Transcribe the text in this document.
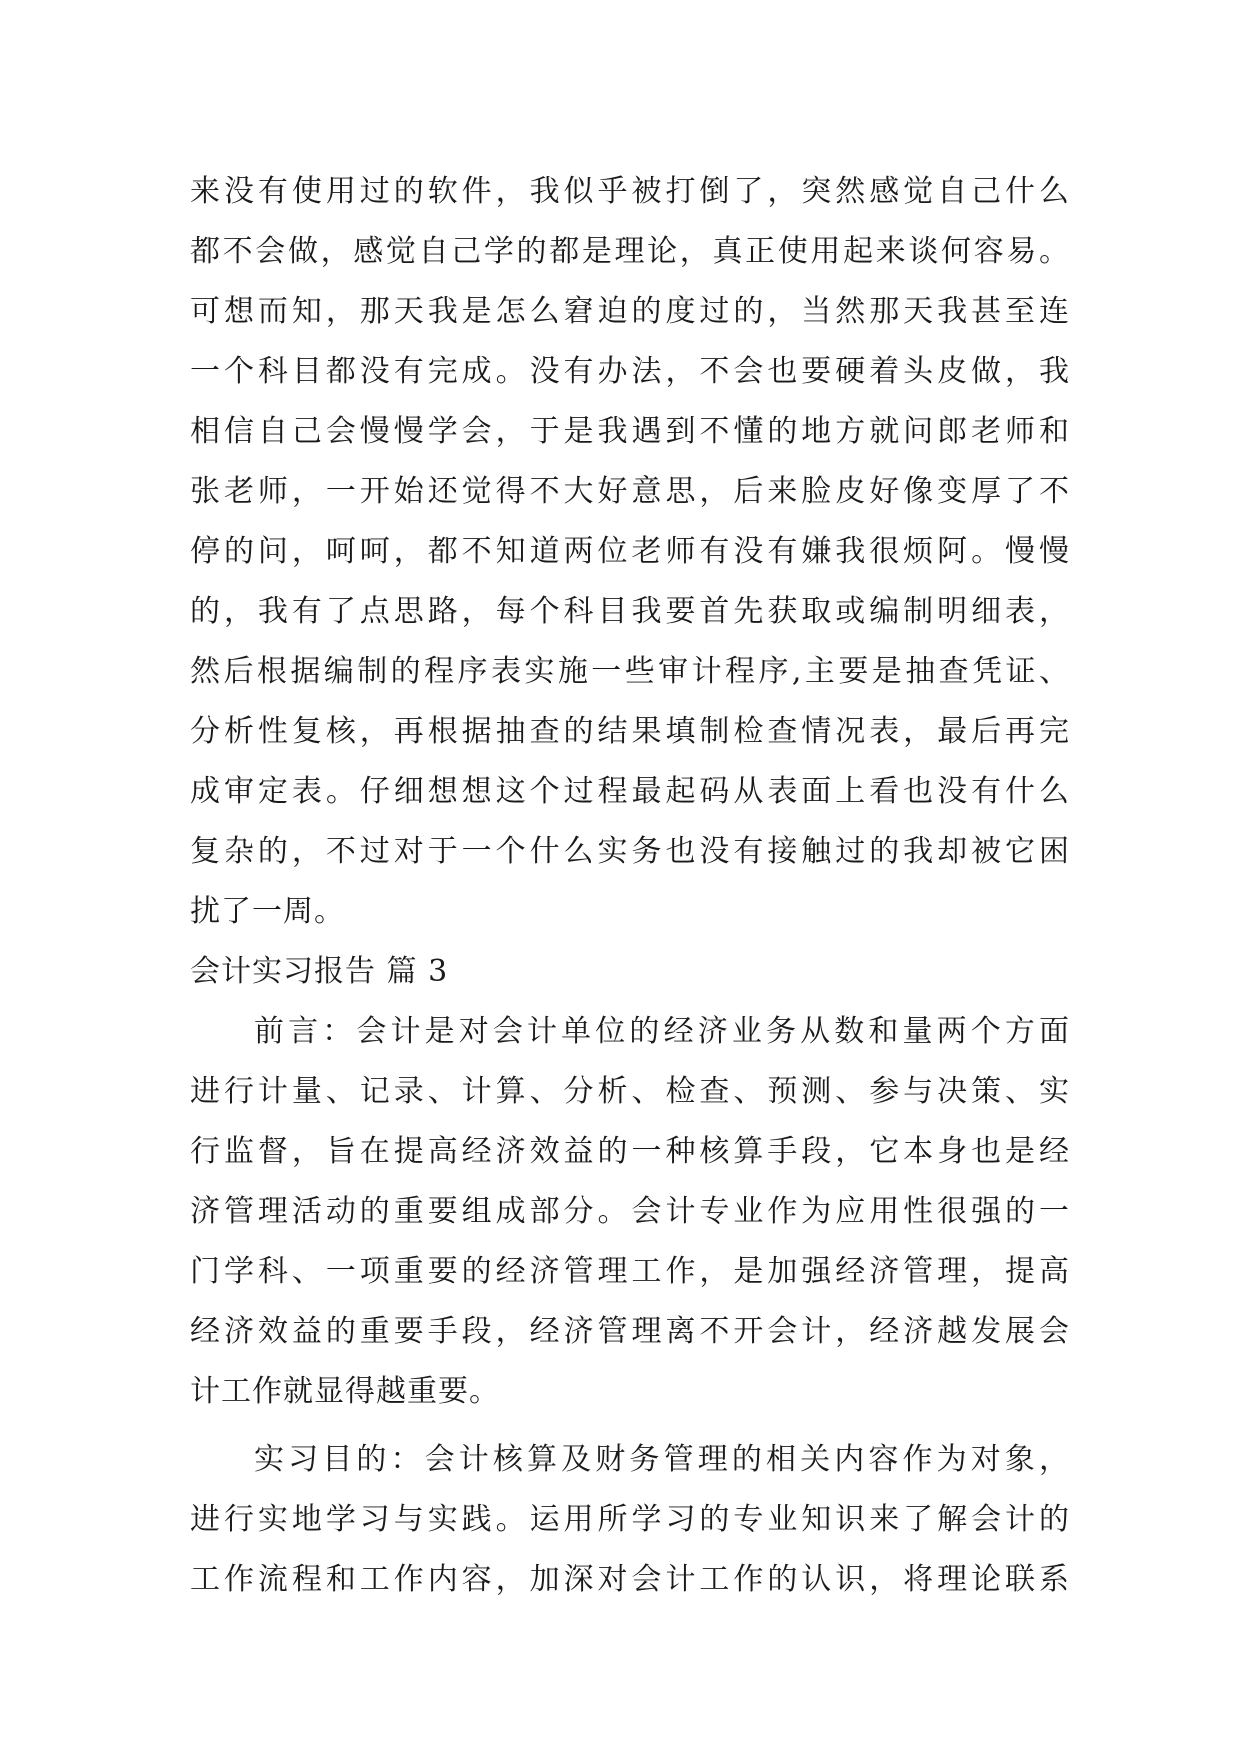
来没有使用过的软件，我似乎被打倒了，突然感觉自己什么
都不会做，感觉自己学的都是理论，真正使用起来谈何容易。
可想而知，那天我是怎么窘迫的度过的，当然那天我甚至连
一个科目都没有完成。没有办法，不会也要硬着头皮做，我
相信自己会慢慢学会，于是我遇到不懂的地方就问郎老师和
张老师，一开始还觉得不大好意思，后来脸皮好像变厚了不
停的问，呵呵，都不知道两位老师有没有嫌我很烦阿。慢慢
的，我有了点思路，每个科目我要首先获取或编制明细表，
然后根据编制的程序表实施一些审计程序,主要是抽查凭证、
分析性复核，再根据抽查的结果填制检查情况表，最后再完
成审定表。仔细想想这个过程最起码从表面上看也没有什么
复杂的，不过对于一个什么实务也没有接触过的我却被它困
扰了一周。
会计实习报告 篇 3
前言：会计是对会计单位的经济业务从数和量两个方面
进行计量、记录、计算、分析、检查、预测、参与决策、实
行监督，旨在提高经济效益的一种核算手段，它本身也是经
济管理活动的重要组成部分。会计专业作为应用性很强的一
门学科、一项重要的经济管理工作，是加强经济管理，提高
经济效益的重要手段，经济管理离不开会计，经济越发展会
计工作就显得越重要。
实习目的：会计核算及财务管理的相关内容作为对象，
进行实地学习与实践。运用所学习的专业知识来了解会计的
工作流程和工作内容，加深对会计工作的认识，将理论联系
